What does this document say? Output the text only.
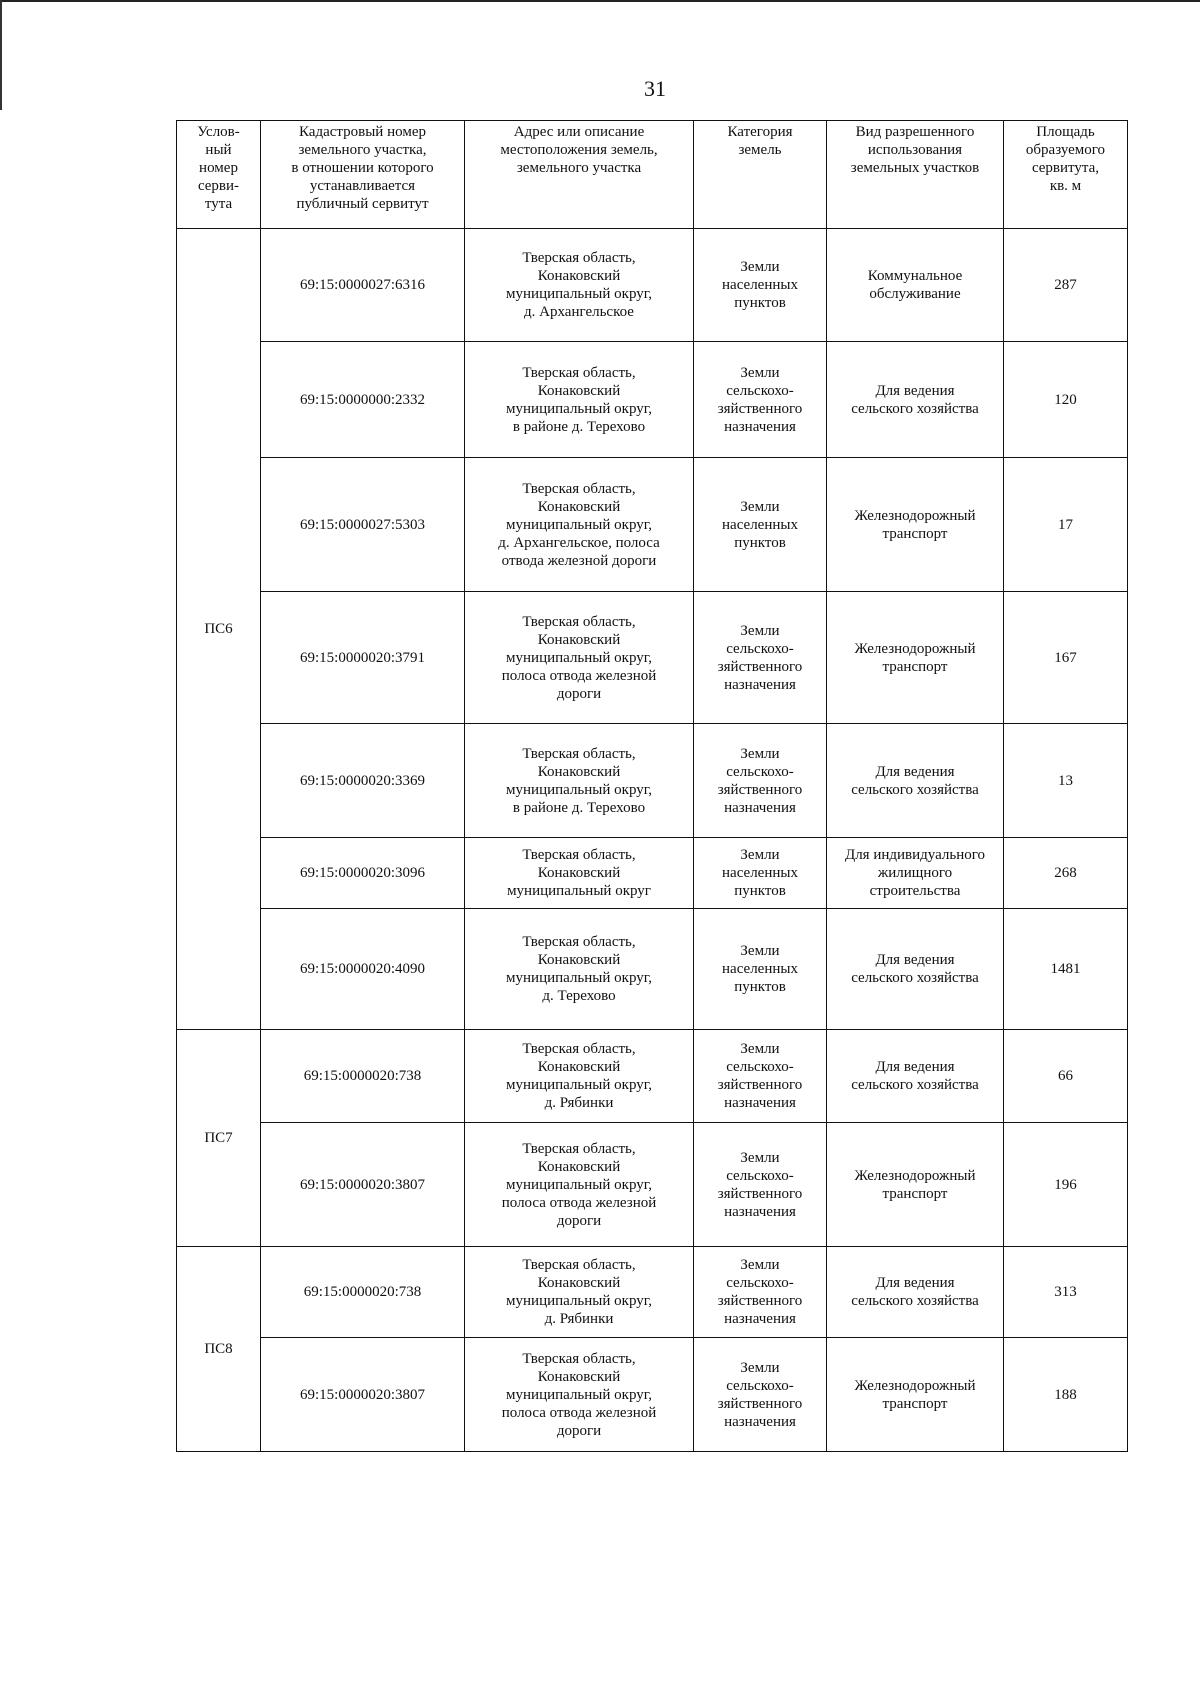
31
Услов-
ный
номер
серви-
тута	Кадастровый номер
земельного участка,
в отношении которого
устанавливается
публичный сервитут	Адрес или описание
местоположения земель,
земельного участка	Категория
земель	Вид разрешенного
использования
земельных участков	Площадь
образуемого
сервитута,
кв. м

ПС6	69:15:0000027:6316	Тверская область,
Конаковский
муниципальный округ,
д. Архангельское	Земли
населенных
пунктов	Коммунальное
обслуживание	287
	69:15:0000000:2332	Тверская область,
Конаковский
муниципальный округ,
в районе д. Терехово	Земли
сельскохо-
зяйственного
назначения	Для ведения
сельского хозяйства	120
	69:15:0000027:5303	Тверская область,
Конаковский
муниципальный округ,
д. Архангельское, полоса
отвода железной дороги	Земли
населенных
пунктов	Железнодорожный
транспорт	17
	69:15:0000020:3791	Тверская область,
Конаковский
муниципальный округ,
полоса отвода железной
дороги	Земли
сельскохо-
зяйственного
назначения	Железнодорожный
транспорт	167
	69:15:0000020:3369	Тверская область,
Конаковский
муниципальный округ,
в районе д. Терехово	Земли
сельскохо-
зяйственного
назначения	Для ведения
сельского хозяйства	13
	69:15:0000020:3096	Тверская область,
Конаковский
муниципальный округ	Земли
населенных
пунктов	Для индивидуального
жилищного
строительства	268
	69:15:0000020:4090	Тверская область,
Конаковский
муниципальный округ,
д. Терехово	Земли
населенных
пунктов	Для ведения
сельского хозяйства	1481
ПС7	69:15:0000020:738	Тверская область,
Конаковский
муниципальный округ,
д. Рябинки	Земли
сельскохо-
зяйственного
назначения	Для ведения
сельского хозяйства	66
	69:15:0000020:3807	Тверская область,
Конаковский
муниципальный округ,
полоса отвода железной
дороги	Земли
сельскохо-
зяйственного
назначения	Железнодорожный
транспорт	196
ПС8	69:15:0000020:738	Тверская область,
Конаковский
муниципальный округ,
д. Рябинки	Земли
сельскохо-
зяйственного
назначения	Для ведения
сельского хозяйства	313
	69:15:0000020:3807	Тверская область,
Конаковский
муниципальный округ,
полоса отвода железной
дороги	Земли
сельскохо-
зяйственного
назначения	Железнодорожный
транспорт	188
